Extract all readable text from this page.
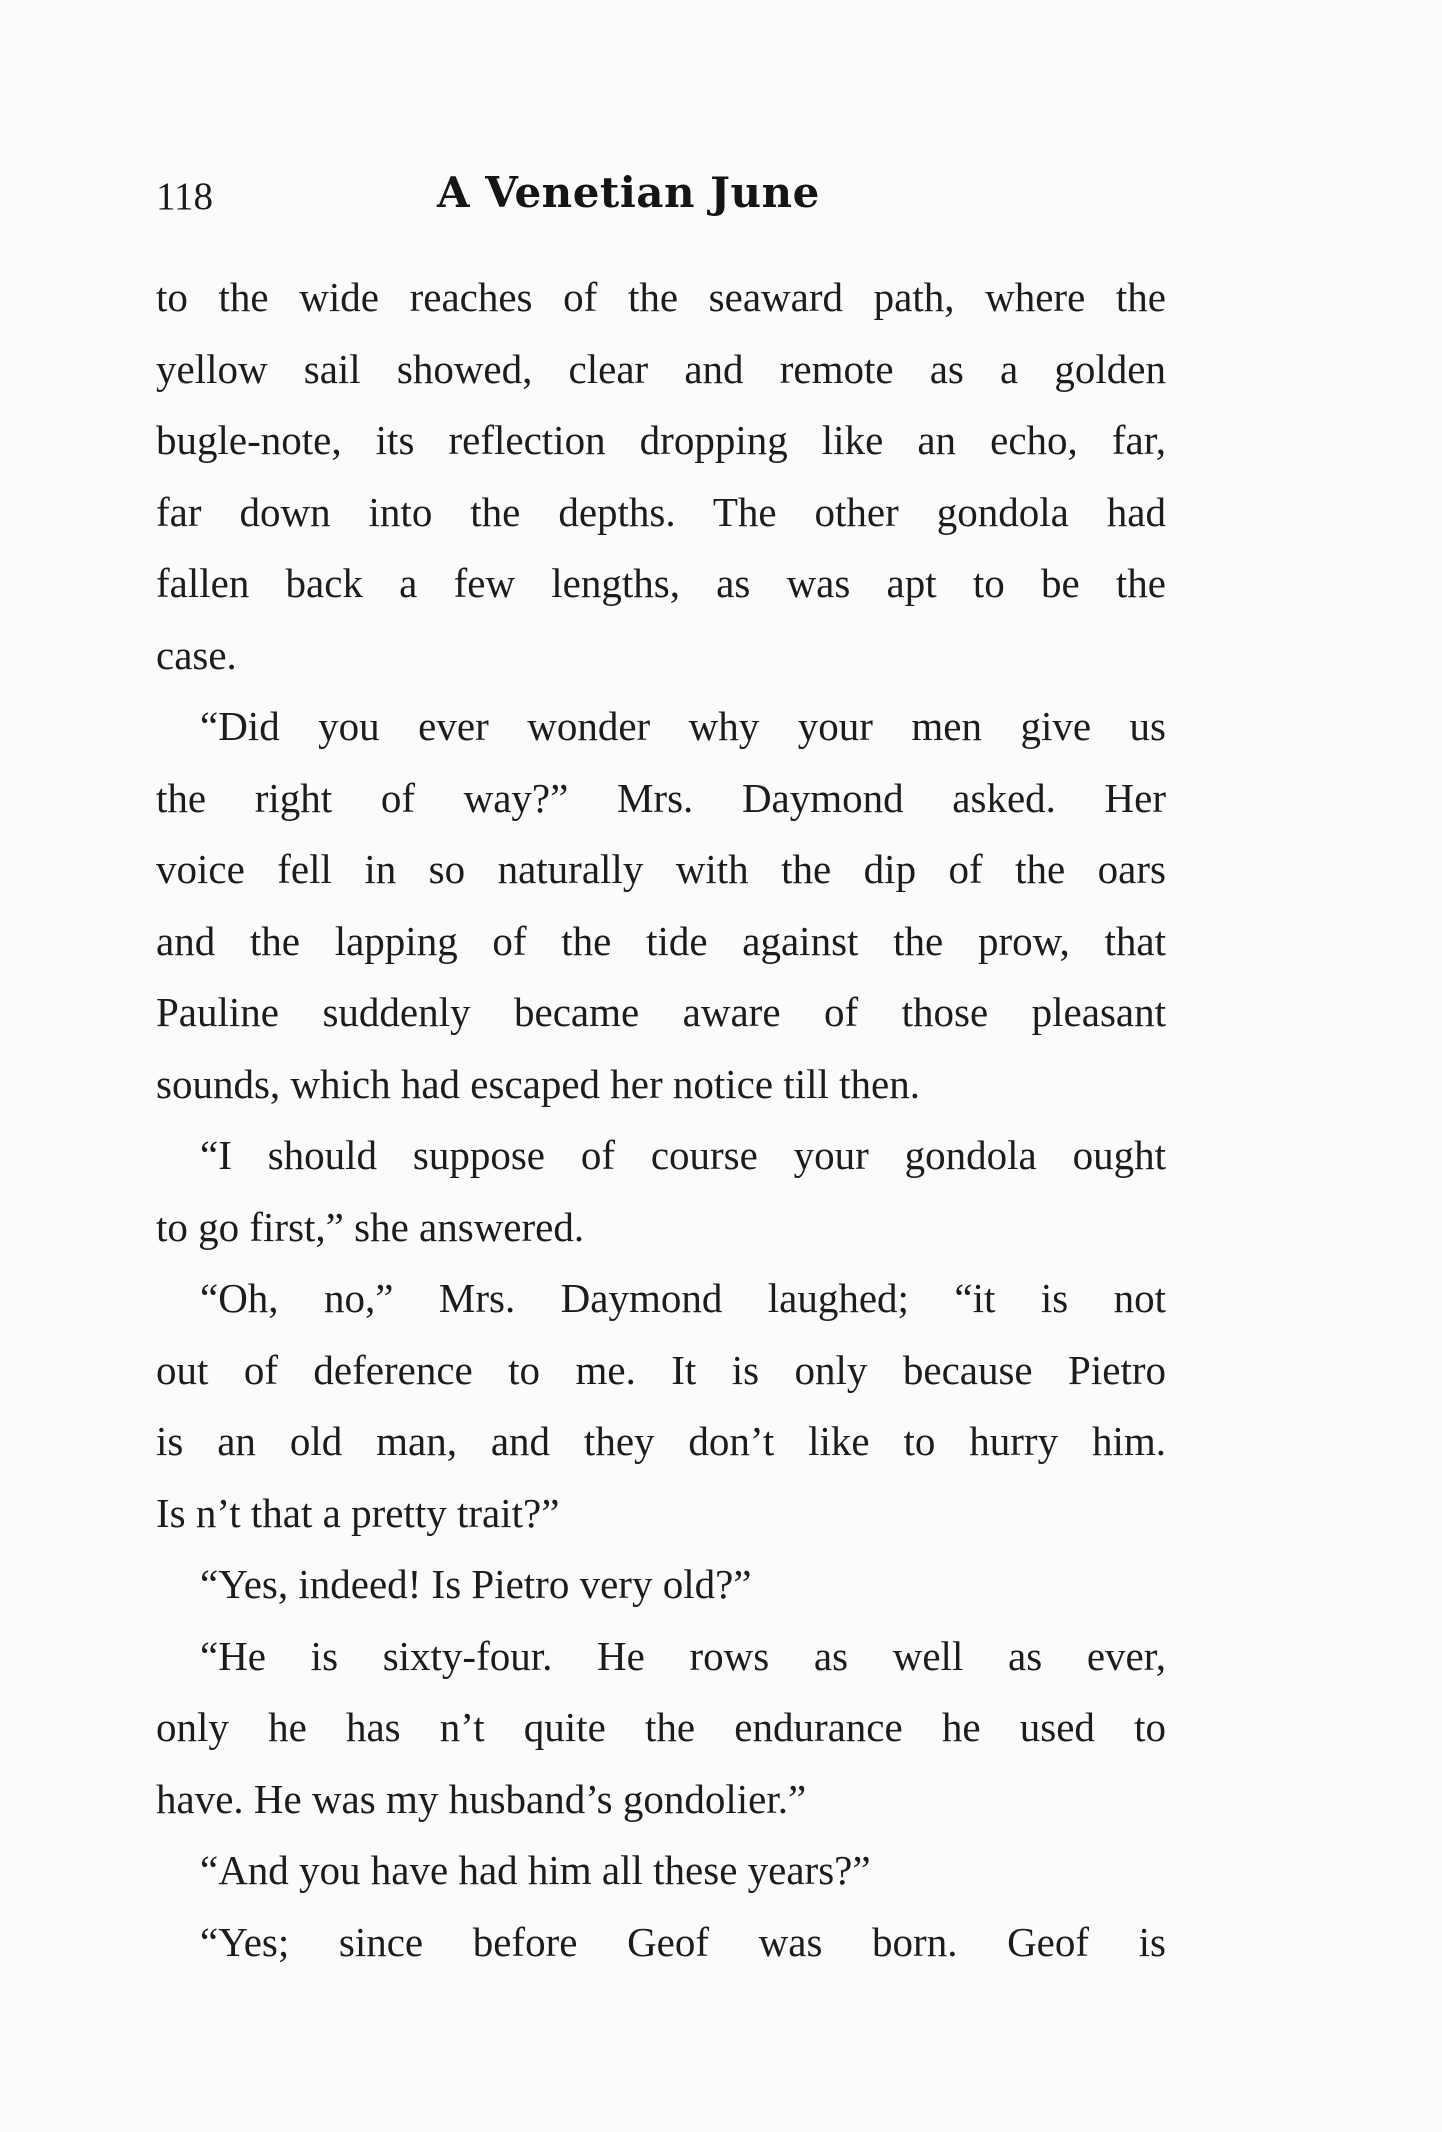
118	A Venetian June
to the wide reaches of the seaward path, where the
yellow sail showed, clear and remote as a golden
bugle-note, its reflection dropping like an echo, far,
far down into the depths. The other gondola had
fallen back a few lengths, as was apt to be the
case.
“Did you ever wonder why your men give us
the right of way?” Mrs. Daymond asked. Her
voice fell in so naturally with the dip of the oars
and the lapping of the tide against the prow, that
Pauline suddenly became aware of those pleasant
sounds, which had escaped her notice till then.
“I should suppose of course your gondola ought
to go first,” she answered.
“Oh, no,” Mrs. Daymond laughed; “it is not
out of deference to me. It is only because Pietro
is an old man, and they don’t like to hurry him.
Is n’t that a pretty trait?”
“Yes, indeed! Is Pietro very old?”
“He is sixty-four. He rows as well as ever,
only he has n’t quite the endurance he used to
have. He was my husband’s gondolier.”
“And you have had him all these years?”
“Yes; since before Geof was born. Geof is
